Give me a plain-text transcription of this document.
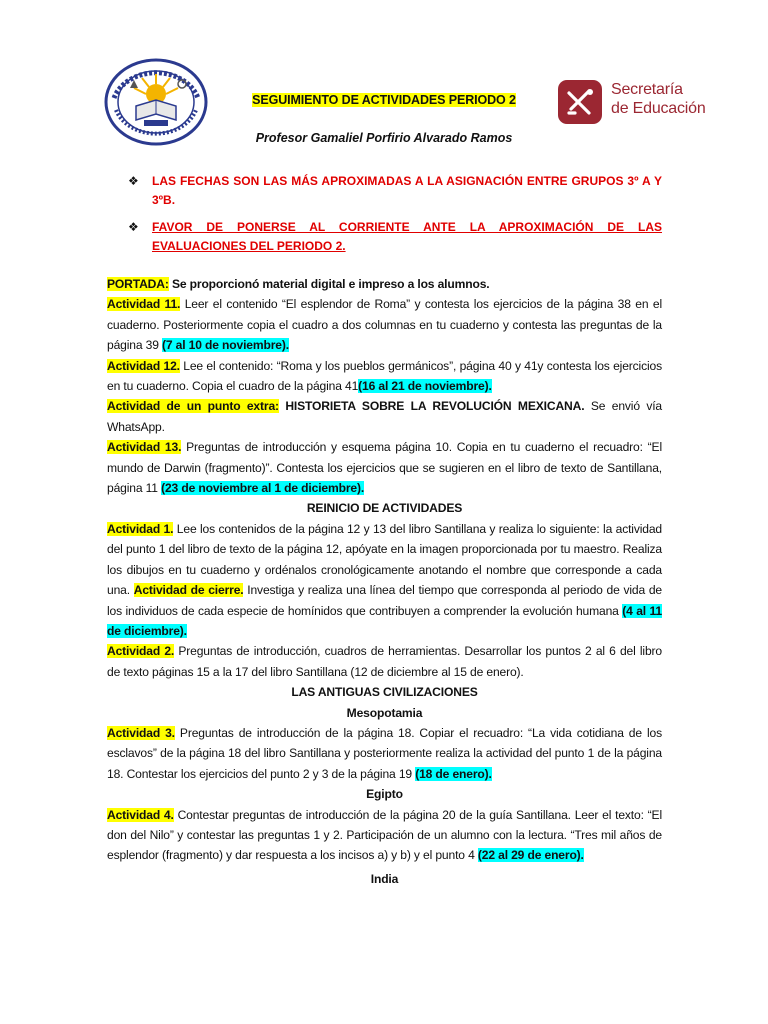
SEGUIMIENTO DE ACTIVIDADES PERIODO 2
Profesor Gamaliel Porfirio Alvarado Ramos
Secretaría
de Educación
❖ LAS FECHAS SON LAS MÁS APROXIMADAS A LA ASIGNACIÓN ENTRE GRUPOS 3º A Y 3ºB.
❖ FAVOR DE PONERSE AL CORRIENTE ANTE LA APROXIMACIÓN DE LAS EVALUACIONES DEL PERIODO 2.

PORTADA: Se proporcionó material digital e impreso a los alumnos.

Actividad 11. Leer el contenido “El esplendor de Roma” y contesta los ejercicios de la página 38 en el cuaderno. Posteriormente copia el cuadro a dos columnas en tu cuaderno y contesta las preguntas de la página 39 (7 al 10 de noviembre).

Actividad 12. Lee el contenido: “Roma y los pueblos germánicos”, página 40 y 41y contesta los ejercicios en tu cuaderno. Copia el cuadro de la página 41(16 al 21 de noviembre).

Actividad de un punto extra: HISTORIETA SOBRE LA REVOLUCIÓN MEXICANA. Se envió vía WhatsApp.

Actividad 13. Preguntas de introducción y esquema página 10. Copia en tu cuaderno el recuadro: “El mundo de Darwin (fragmento)”. Contesta los ejercicios que se sugieren en el libro de texto de Santillana, página 11 (23 de noviembre al 1 de diciembre).

REINICIO DE ACTIVIDADES

Actividad 1. Lee los contenidos de la página 12 y 13 del libro Santillana y realiza lo siguiente: la actividad del punto 1 del libro de texto de la página 12, apóyate en la imagen proporcionada por tu maestro. Realiza los dibujos en tu cuaderno y ordénalos cronológicamente anotando el nombre que corresponde a cada una. Actividad de cierre. Investiga y realiza una línea del tiempo que corresponda al periodo de vida de los individuos de cada especie de homínidos que contribuyen a comprender la evolución humana (4 al 11 de diciembre).

Actividad 2. Preguntas de introducción, cuadros de herramientas. Desarrollar los puntos 2 al 6 del libro de texto páginas 15 a la 17 del libro Santillana (12 de diciembre al 15 de enero).

LAS ANTIGUAS CIVILIZACIONES

Mesopotamia

Actividad 3. Preguntas de introducción de la página 18. Copiar el recuadro: “La vida cotidiana de los esclavos” de la página 18 del libro Santillana y posteriormente realiza la actividad del punto 1 de la página 18. Contestar los ejercicios del punto 2 y 3 de la página 19 (18 de enero).

Egipto

Actividad 4. Contestar preguntas de introducción de la página 20 de la guía Santillana. Leer el texto: “El don del Nilo” y contestar las preguntas 1 y 2. Participación de un alumno con la lectura. “Tres mil años de esplendor (fragmento) y dar respuesta a los incisos a) y b) y el punto 4 (22 al 29 de enero).

India
